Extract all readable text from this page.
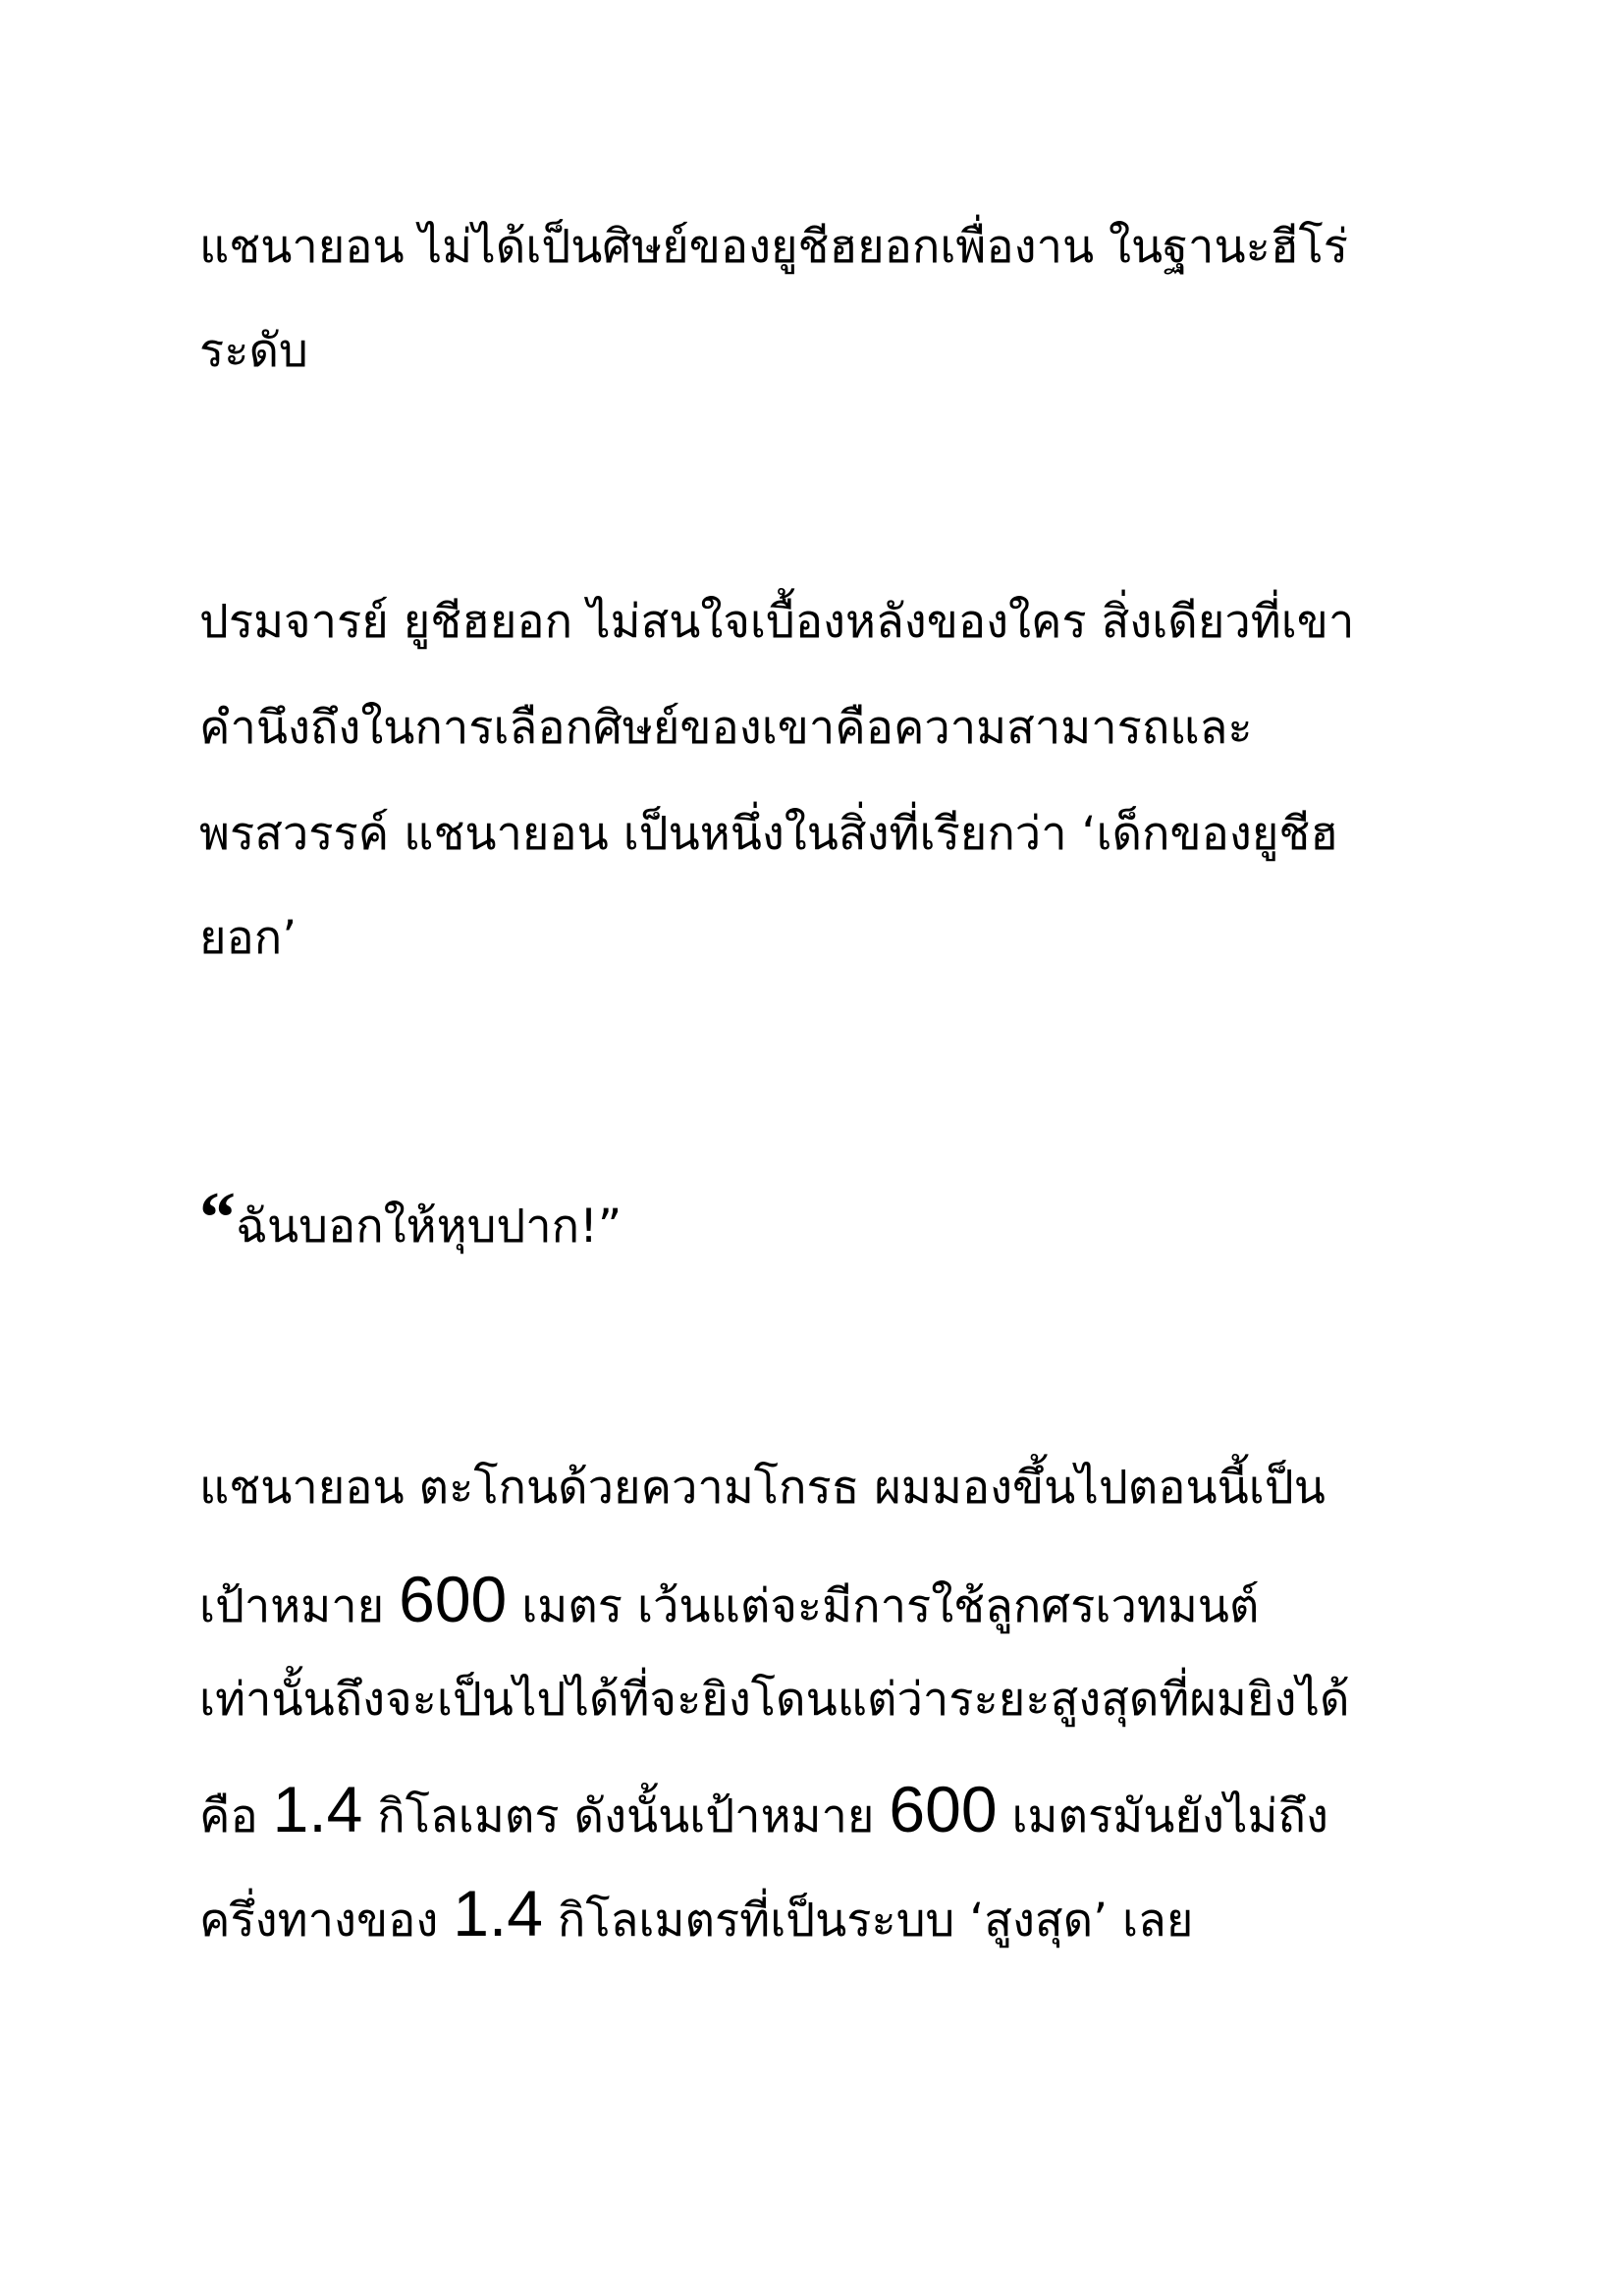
แชนายอน ไม่ได้เป็นศิษย์ของยูชีฮยอกเพื่องาน ในฐานะฮีโร่

ระดับ

ปรมจารย์ ยูชีฮยอก ไม่สนใจเบื้องหลังของใคร สิ่งเดียวที่เขา

คำนึงถึงในการเลือกศิษย์ของเขาคือความสามารถและ

พรสวรรค์ แชนายอน เป็นหนึ่งในสิ่งที่เรียกว่า ‘เด็กของยูชีฮ

ยอก’

“ฉันบอกให้หุบปาก!”

แชนายอน ตะโกนด้วยความโกรธ ผมมองขึ้นไปตอนนี้เป็น

เป้าหมาย 600 เมตร เว้นแต่จะมีการใช้ลูกศรเวทมนต์

เท่านั้นถึงจะเป็นไปได้ที่จะยิงโดนแต่ว่าระยะสูงสุดที่ผมยิงได้

คือ 1.4 กิโลเมตร ดังนั้นเป้าหมาย 600 เมตรมันยังไม่ถึง

ครึ่งทางของ 1.4 กิโลเมตรที่เป็นระบบ ‘สูงสุด’ เลย
